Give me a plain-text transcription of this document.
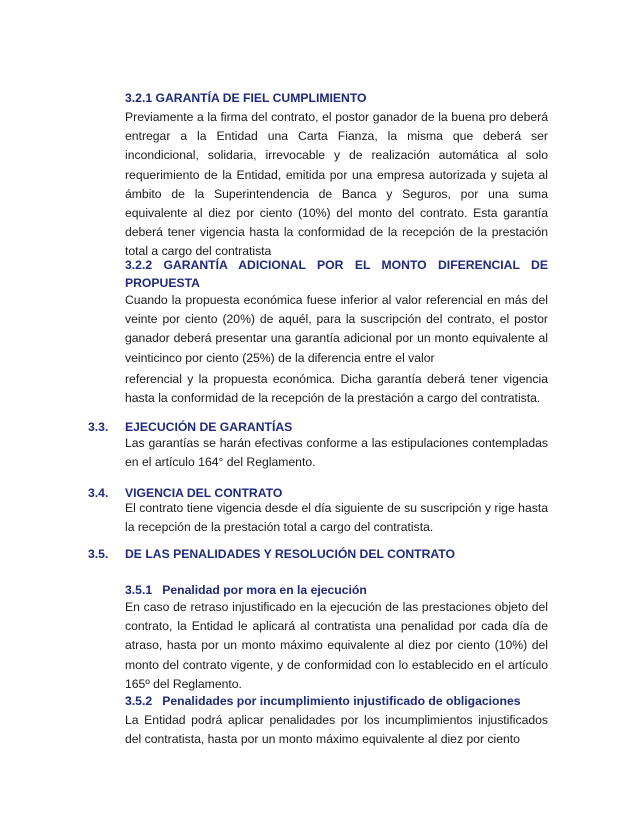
3.2.1 GARANTÍA DE FIEL CUMPLIMIENTO

Previamente a la firma del contrato, el postor ganador de la buena pro deberá entregar a la Entidad una Carta Fianza, la misma que deberá ser incondicional, solidaria, irrevocable y de realización automática al solo requerimiento de la Entidad, emitida por una empresa autorizada y sujeta al ámbito de la Superintendencia de Banca y Seguros, por una suma equivalente al diez por ciento (10%) del monto del contrato. Esta garantía deberá tener vigencia hasta la conformidad de la recepción de la prestación total a cargo del contratista

3.2.2 GARANTÍA ADICIONAL POR EL MONTO DIFERENCIAL DE PROPUESTA

Cuando la propuesta económica fuese inferior al valor referencial en más del veinte por ciento (20%) de aquél, para la suscripción del contrato, el postor ganador deberá presentar una garantía adicional por un monto equivalente al veinticinco por ciento (25%) de la diferencia entre el valor

referencial y la propuesta económica. Dicha garantía deberá tener vigencia hasta la conformidad de la recepción de la prestación a cargo del contratista.

3.3. EJECUCIÓN DE GARANTÍAS

Las garantías se harán efectivas conforme a las estipulaciones contempladas en el artículo 164° del Reglamento.

3.4. VIGENCIA DEL CONTRATO

El contrato tiene vigencia desde el día siguiente de su suscripción y rige hasta la recepción de la prestación total a cargo del contratista.

3.5. DE LAS PENALIDADES Y RESOLUCIÓN DEL CONTRATO
3.5.1   Penalidad por mora en la ejecución

En caso de retraso injustificado en la ejecución de las prestaciones objeto del contrato, la Entidad le aplicará al contratista una penalidad por cada día de atraso, hasta por un monto máximo equivalente al diez por ciento (10%) del monto del contrato vigente, y de conformidad con lo establecido en el artículo 165º del Reglamento.

3.5.2   Penalidades por incumplimiento injustificado de obligaciones

La Entidad podrá aplicar penalidades por los incumplimientos injustificados del contratista, hasta por un monto máximo equivalente al diez por ciento
